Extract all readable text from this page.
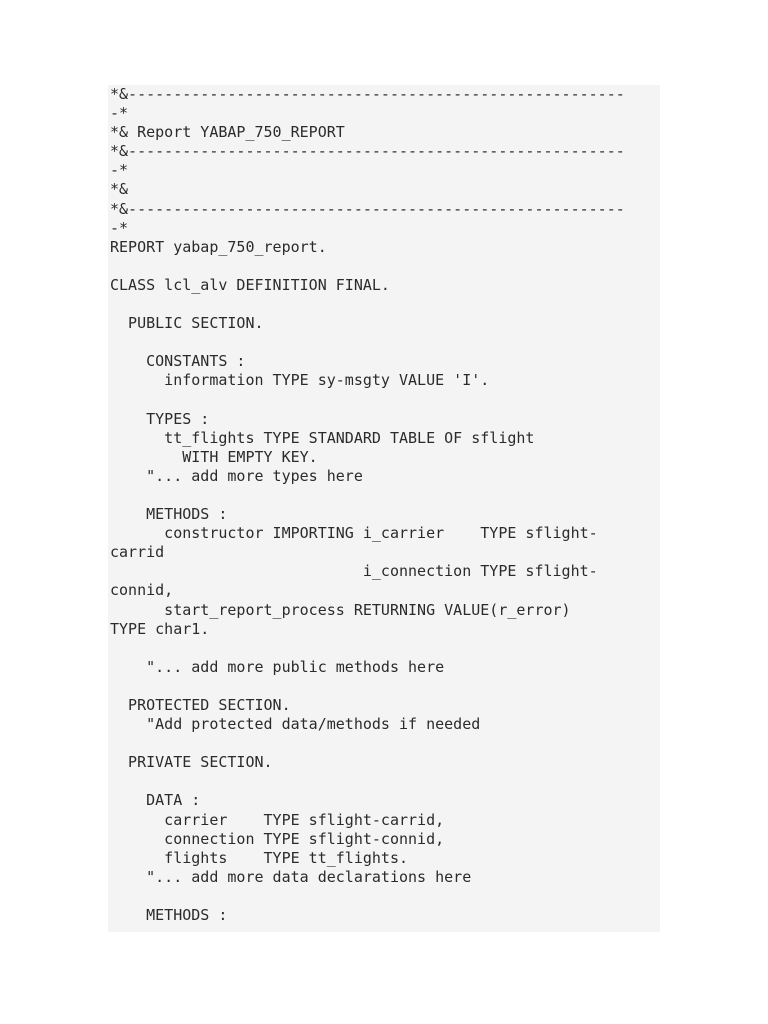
*&-------------------------------------------------------
-*
*& Report YABAP_750_REPORT
*&-------------------------------------------------------
-*
*&
*&-------------------------------------------------------
-*
REPORT yabap_750_report.
CLASS lcl_alv DEFINITION FINAL.
PUBLIC SECTION.
CONSTANTS :
information TYPE sy-msgty VALUE 'I'.
TYPES :
tt_flights TYPE STANDARD TABLE OF sflight
WITH EMPTY KEY.
"... add more types here
METHODS :
constructor IMPORTING i_carrier    TYPE sflight-
carrid
i_connection TYPE sflight-
connid,
start_report_process RETURNING VALUE(r_error)
TYPE char1.
"... add more public methods here
PROTECTED SECTION.
"Add protected data/methods if needed
PRIVATE SECTION.
DATA :
carrier    TYPE sflight-carrid,
connection TYPE sflight-connid,
flights    TYPE tt_flights.
"... add more data declarations here
METHODS :
